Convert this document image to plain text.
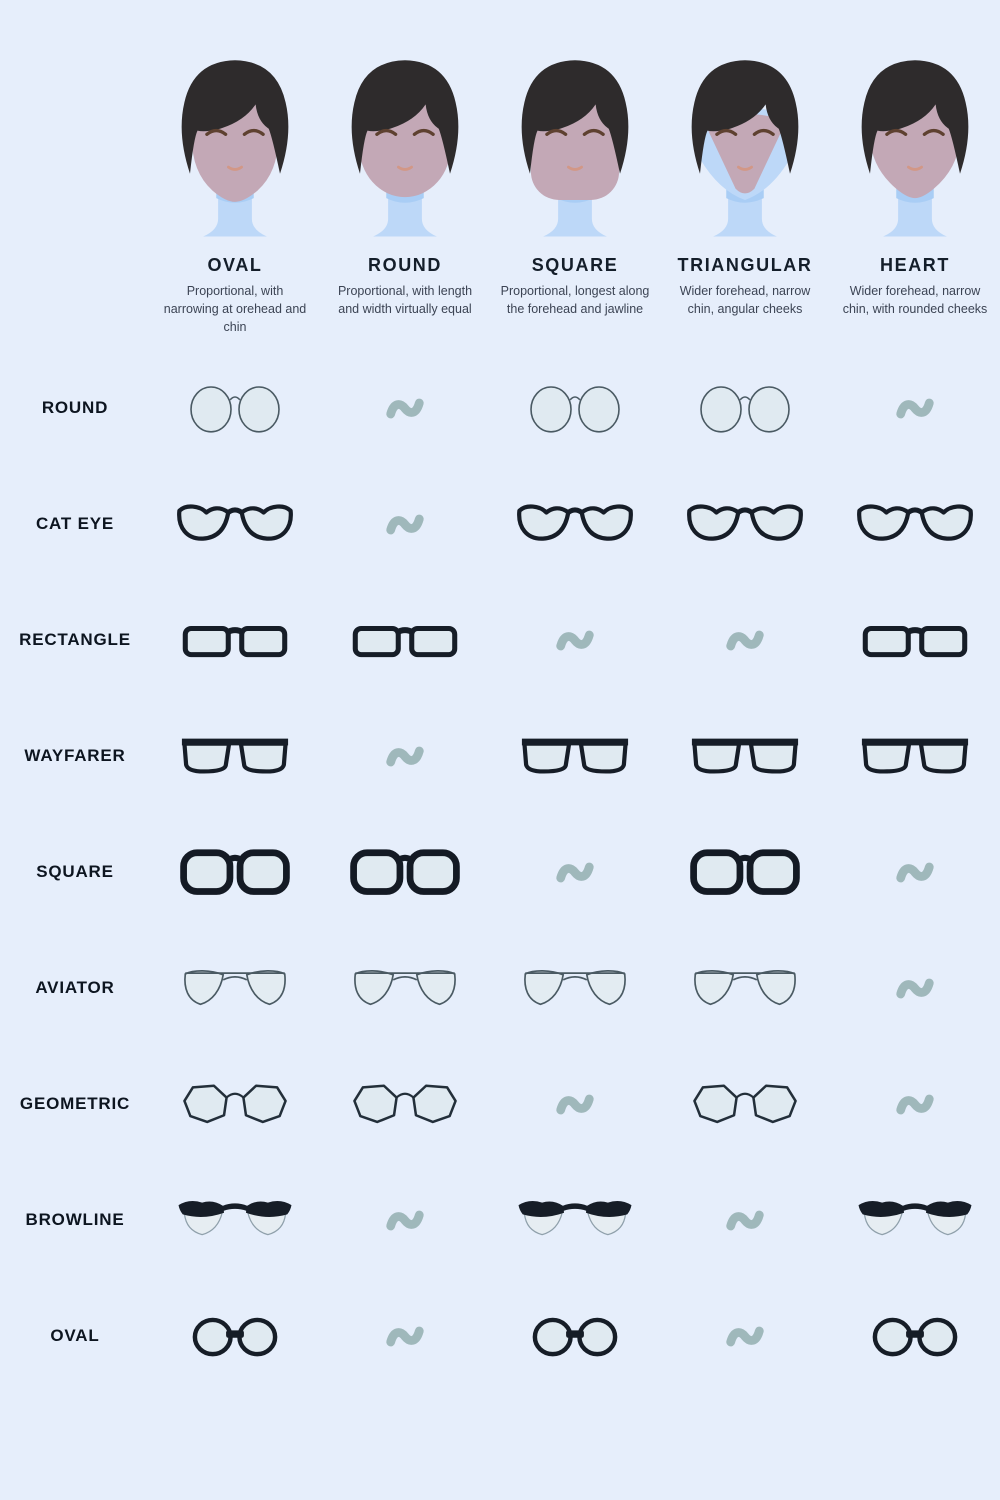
OVAL
Proportional, with narrowing at orehead and chin
ROUND
Proportional, with length and width virtually equal
SQUARE
Proportional, longest along the forehead and jawline
TRIANGULAR
Wider forehead, narrow chin, angular cheeks
HEART
Wider forehead, narrow chin, with rounded cheeks
ROUND
CAT EYE
RECTANGLE
WAYFARER
SQUARE
AVIATOR
GEOMETRIC
BROWLINE
OVAL
